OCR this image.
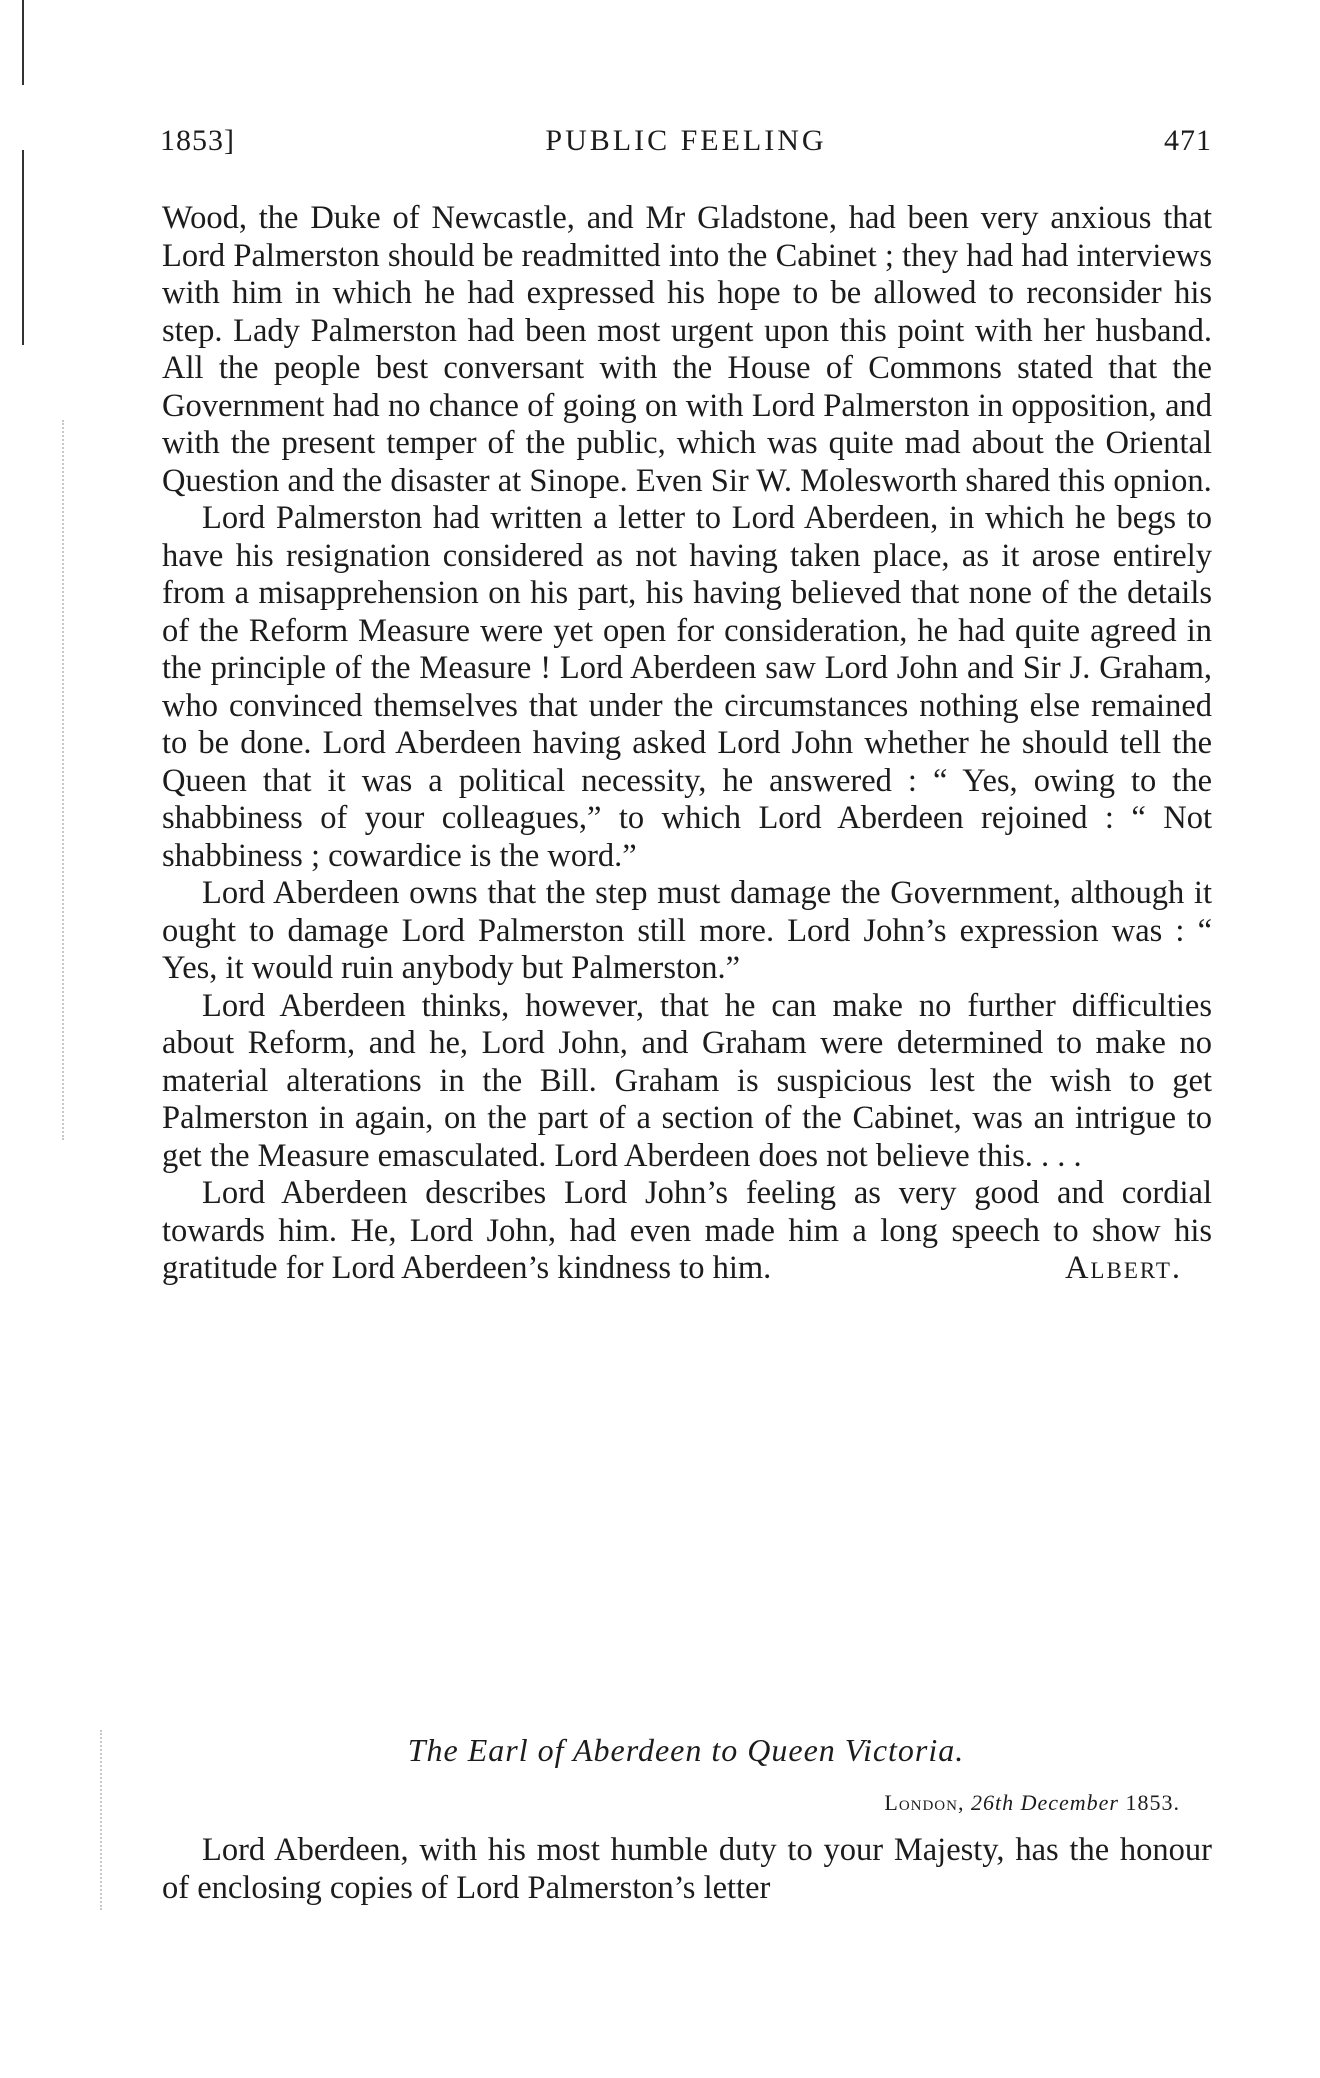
1853]	PUBLIC FEELING	471

Wood, the Duke of Newcastle, and Mr Gladstone, had been very anxious that Lord Palmerston should be readmitted into the Cabinet ; they had had interviews with him in which he had expressed his hope to be allowed to reconsider his step. Lady Palmerston had been most urgent upon this point with her husband. All the people best conversant with the House of Commons stated that the Government had no chance of going on with Lord Palmerston in opposition, and with the present temper of the public, which was quite mad about the Oriental Question and the disaster at Sinope. Even Sir W. Molesworth shared this opnion.

Lord Palmerston had written a letter to Lord Aberdeen, in which he begs to have his resignation considered as not having taken place, as it arose entirely from a misapprehension on his part, his having believed that none of the details of the Reform Measure were yet open for consideration, he had quite agreed in the principle of the Measure ! Lord Aberdeen saw Lord John and Sir J. Graham, who convinced themselves that under the circumstances nothing else remained to be done. Lord Aberdeen having asked Lord John whether he should tell the Queen that it was a political necessity, he answered : “ Yes, owing to the shabbiness of your colleagues,” to which Lord Aberdeen rejoined : “ Not shabbiness ; cowardice is the word.”

Lord Aberdeen owns that the step must damage the Government, although it ought to damage Lord Palmerston still more. Lord John’s expression was : “ Yes, it would ruin anybody but Palmerston.”

Lord Aberdeen thinks, however, that he can make no further difficulties about Reform, and he, Lord John, and Graham were determined to make no material alterations in the Bill. Graham is suspicious lest the wish to get Palmerston in again, on the part of a section of the Cabinet, was an intrigue to get the Measure emasculated. Lord Aberdeen does not believe this. . . .

Lord Aberdeen describes Lord John’s feeling as very good and cordial towards him. He, Lord John, had even made him a long speech to show his gratitude for Lord Aberdeen’s kindness to him.	Albert.
The Earl of Aberdeen to Queen Victoria.
London, 26th December 1853.

Lord Aberdeen, with his most humble duty to your Majesty, has the honour of enclosing copies of Lord Palmerston’s letter
